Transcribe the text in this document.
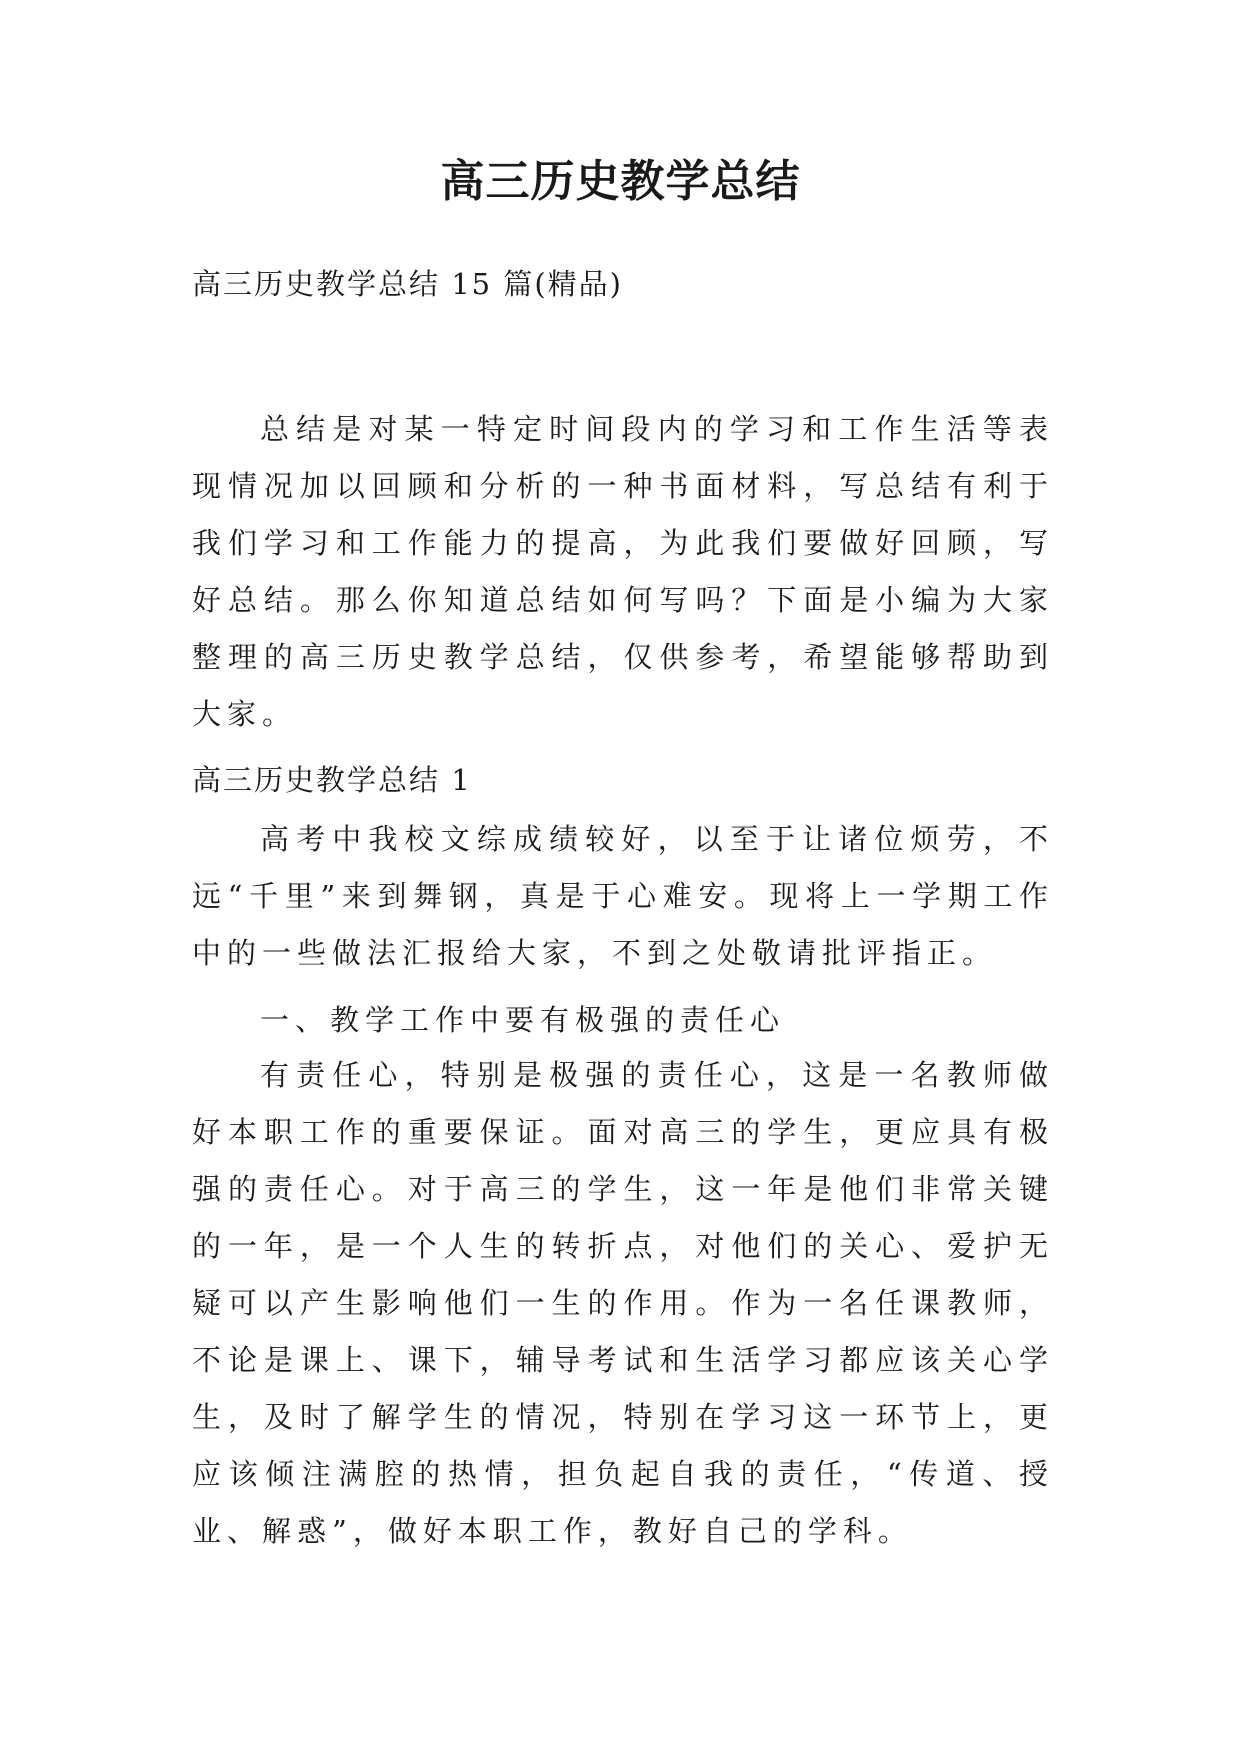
高三历史教学总结
高三历史教学总结 15 篇(精品)

总结是对某一特定时间段内的学习和工作生活等表现情况加以回顾和分析的一种书面材料，写总结有利于我们学习和工作能力的提高，为此我们要做好回顾，写好总结。那么你知道总结如何写吗？下面是小编为大家整理的高三历史教学总结，仅供参考，希望能够帮助到大家。

高三历史教学总结 1

高考中我校文综成绩较好，以至于让诸位烦劳，不远“千里”来到舞钢，真是于心难安。现将上一学期工作中的一些做法汇报给大家，不到之处敬请批评指正。

一、教学工作中要有极强的责任心

有责任心，特别是极强的责任心，这是一名教师做好本职工作的重要保证。面对高三的学生，更应具有极强的责任心。对于高三的学生，这一年是他们非常关键的一年，是一个人生的转折点，对他们的关心、爱护无疑可以产生影响他们一生的作用。作为一名任课教师，不论是课上、课下，辅导考试和生活学习都应该关心学生，及时了解学生的情况，特别在学习这一环节上，更应该倾注满腔的热情，担负起自我的责任，“传道、授业、解惑”，做好本职工作，教好自己的学科。
